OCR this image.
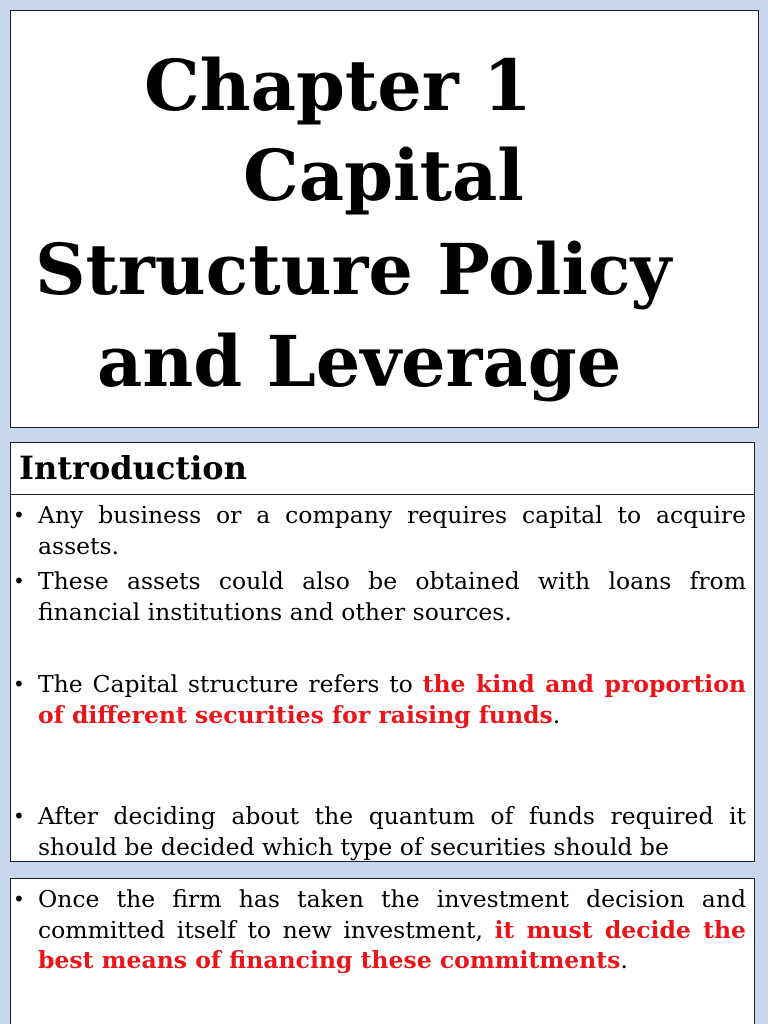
Chapter 1
Capital
Structure Policy
and Leverage
Introduction
• Any business or a company requires capital to acquire assets.
• These assets could also be obtained with loans from financial institutions and other sources.
• The Capital structure refers to the kind and proportion of different securities for raising funds.
• After deciding about the quantum of funds required it should be decided which type of securities should be
• Once the firm has taken the investment decision and committed itself to new investment, it must decide the best means of financing these commitments.
